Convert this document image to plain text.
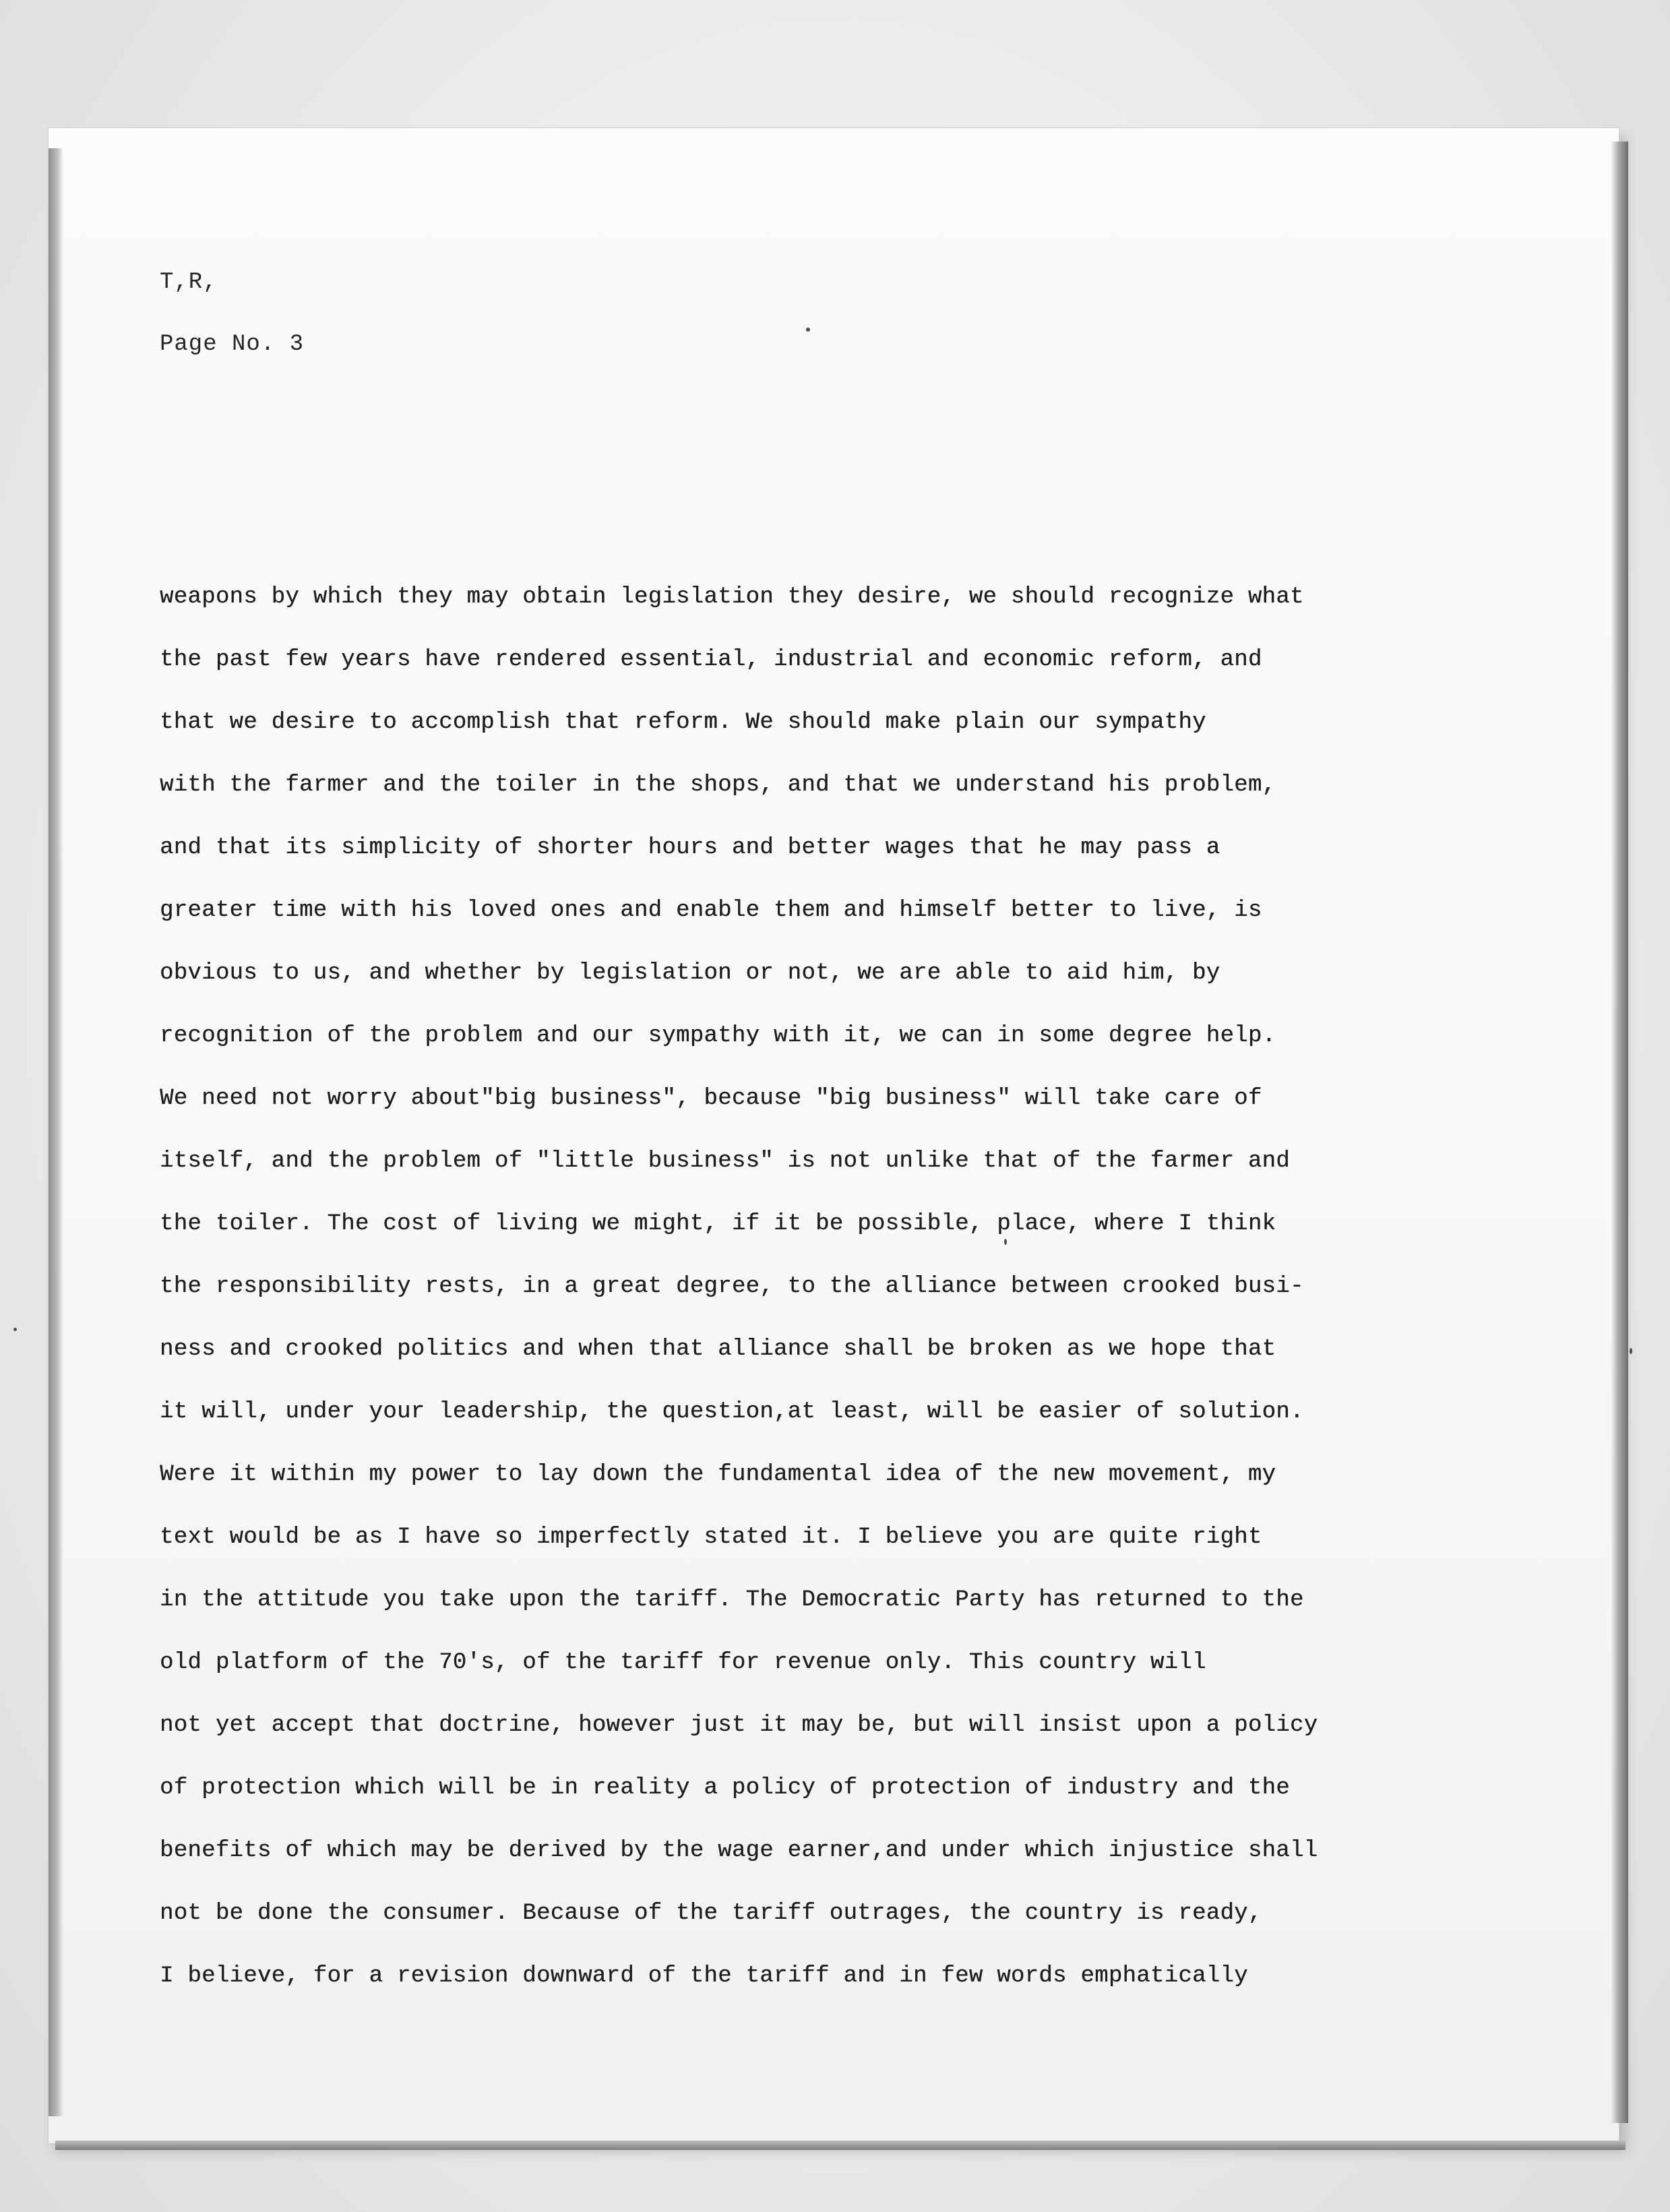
T,R,

Page No. 3

weapons by which they may obtain legislation they desire, we should recognize what

the past few years have rendered essential, industrial and economic reform, and

that we desire to accomplish that reform. We should make plain our sympathy

with the farmer and the toiler in the shops, and that we understand his problem,

and that its simplicity of shorter hours and better wages that he may pass a

greater time with his loved ones and enable them and himself better to live, is

obvious to us, and whether by legislation or not, we are able to aid him, by

recognition of the problem and our sympathy with it, we can in some degree help.

We need not worry about"big business", because "big business" will take care of

itself, and the problem of "little business" is not unlike that of the farmer and

the toiler. The cost of living we might, if it be possible, place, where I think

the responsibility rests, in a great degree, to the alliance between crooked busi-

ness and crooked politics and when that alliance shall be broken as we hope that

it will, under your leadership, the question,at least, will be easier of solution.

Were it within my power to lay down the fundamental idea of the new movement, my

text would be as I have so imperfectly stated it. I believe you are quite right

in the attitude you take upon the tariff. The Democratic Party has returned to the

old platform of the 70's, of the tariff for revenue only. This country will

not yet accept that doctrine, however just it may be, but will insist upon a policy

of protection which will be in reality a policy of protection of industry and the

benefits of which may be derived by the wage earner,and under which injustice shall

not be done the consumer. Because of the tariff outrages, the country is ready,

I believe, for a revision downward of the tariff and in few words emphatically
